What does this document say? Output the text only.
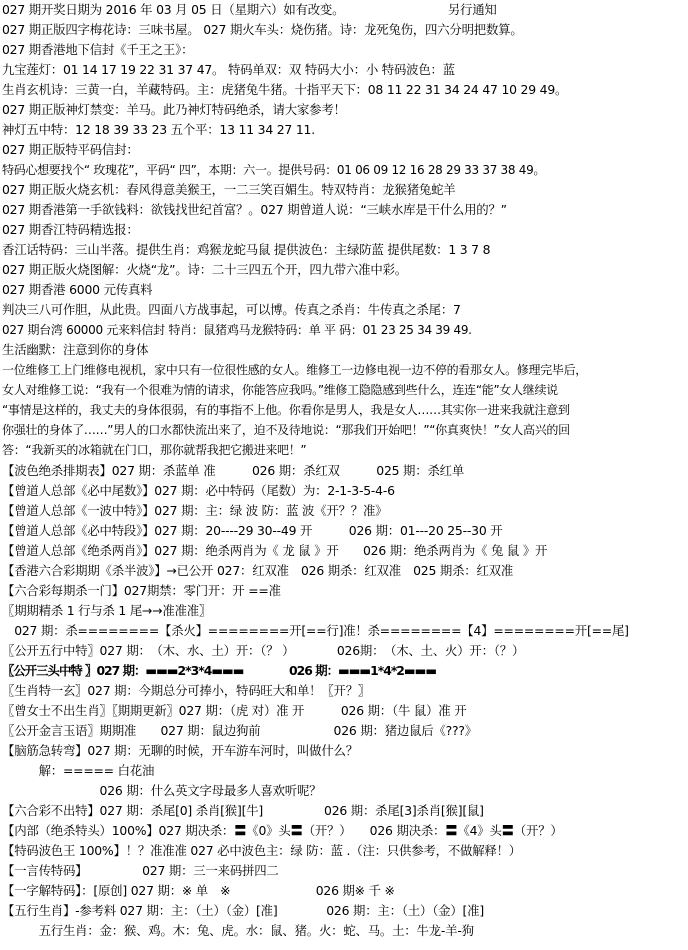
027 期开奖日期为 2016 年 03 月 05 日（星期六）如有改变。　　　　　　　　　另行通知
027 期正版四字梅花诗：三味书屋。 027 期火车头：烧伤猪。诗：龙死兔伤，四六分明把数算。
027 期香港地下信封《千王之王》：
九宝莲灯：01 14 17 19 22 31 37 47。 特码单双：双 特码大小：小 特码波色：蓝
生肖玄机诗：三黄一白，羊藏特码。主：虎猪兔牛猪。十指平天下：08 11 22 31 34 24 47 10 29 49。
027 期正版神灯禁变：羊马。此乃神灯特码绝杀，请大家参考！
神灯五中特：12 18 39 33 23 五个平：13 11 34 27 11.
027 期正版特平码信封：
特码心想要找个“ 玫瑰花”，平码“ 四”，本期：六一。提供号码：01 06 09 12 16 28 29 33 37 38 49。
027 期正版火烧玄机：春风得意美猴王，一二三笑百媚生。特双特肖：龙猴猪兔蛇羊
027 期香港第一手欲钱料：欲钱找世纪首富？。027 期曾道人说：“三峡水库是干什么用的？”
027 期香江特码精选报：
香江话特码：三山半落。提供生肖：鸡猴龙蛇马鼠 提供波色：主绿防蓝 提供尾数：1 3 7 8
027 期正版火烧图解：火烧“龙”。诗：二十三四五个开，四九带六准中彩。
027 期香港 6000 元传真料
判决三八可作胆，从此贵。四面八方战事起，可以博。传真之杀肖：牛传真之杀尾：7
027 期台湾 60000 元来料信封 特肖：鼠猪鸡马龙猴特码：单 平 码：01 23 25 34 39 49.
生活幽默：注意到你的身体
一位维修工上门维修电视机，家中只有一位很性感的女人。维修工一边修电视一边不停的看那女人。修理完毕后，
女人对维修工说：“我有一个很难为情的请求，你能答应我吗。”维修工隐隐感到些什么，连连“能”女人继续说
“事情是这样的，我丈夫的身体很弱，有的事指不上他。你看你是男人，我是女人……其实你一进来我就注意到
你强壮的身体了……”男人的口水都快流出来了，迫不及待地说：“那我们开始吧！”“你真爽快！”女人高兴的回
答：“我新买的冰箱就在门口，那你就帮我把它搬进来吧！”
【波色绝杀排期表】027 期：杀蓝单 准　　　026 期：杀红双　　　025 期：杀红单
【曾道人总部《必中尾数》】027 期：必中特码（尾数）为：2-1-3-5-4-6
【曾道人总部《一波中特》】027 期：主：绿 波 防：蓝 波《开？？准》
【曾道人总部《必中特段》】027 期：20----29 30--49 开　　　026 期：01---20 25--30 开
【曾道人总部《绝杀两肖》】027 期：绝杀两肖为《 龙 鼠 》开　　026 期：绝杀两肖为《 兔 鼠 》开
【香港六合彩期期《杀半波》】→已公开 027：红双准　026 期杀：红双准　025 期杀：红双准
【六合彩每期杀一门】027期禁：零门开：开 ==准
〖期期精杀 1 行与杀 1 尾→→准准准〗
　027 期：杀========【杀火】========开[==行]准！杀========【4】========开[==尾]
〖公开五行中特〗027 期：　（木、水、土）开：（？ ）　　　　026期：　（木、土、火）开：（？）
〖公开三头中特 〗027 期：▬▬▬2*3*4▬▬▬　　　　026 期：▬▬▬1*4*2▬▬▬
〖生肖特一玄〗027 期：今期总分可捧小，特码旺大和单！〖开？〗
〖曾女士不出生肖〗〖期期更新〗027 期：（虎 对）准 开　　　026 期：（牛 鼠）准 开
〖公开金言玉语〗期期准　　027 期：鼠边狗前　　　　　　026 期：猪边鼠后《???》
【脑筋急转弯】027 期：无聊的时候，开车游车河时，叫做什么？
　　　解：===== 白花油
　　　　　　　　026 期：什么英文字母最多人喜欢听呢？
【六合彩不出特】027 期：杀尾[0] 杀肖[猴][牛]　　　　　026 期：杀尾[3]杀肖[猴][鼠]
【内部（绝杀特头）100%】027 期决杀：〓《0》头〓（开？）　　026 期决杀：〓《4》头〓（开？）
【特码波色王 100%】！？准准准 027 必中波色主：绿 防：蓝 .（注：只供参考，不做解释！）
【一言传特码】　　　　　027 期：三一来码拼四二
【一字解特码】：[原创] 027 期：※ 单　※　　　　　　　026 期※ 千 ※
【五行生肖】-参考料 027 期：主：（土）（金）[准]　　　　026 期：主：（土）（金）[准]
　　　五行生肖：金：猴、鸡。木：兔、虎。水：鼠、猪。火：蛇、马。土：牛龙-羊-狗
